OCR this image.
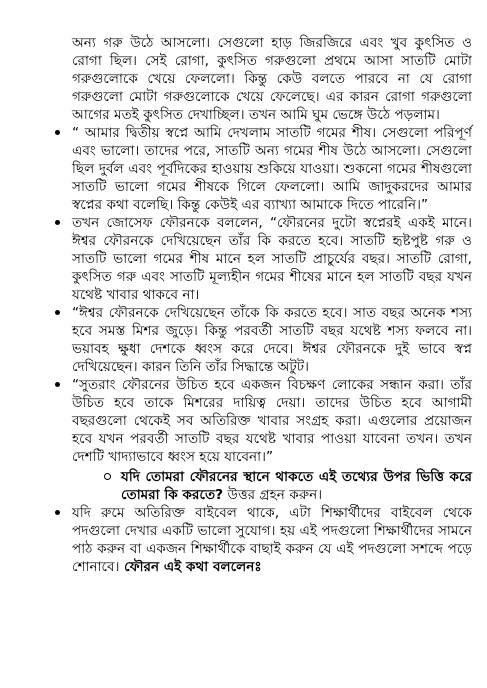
অন্য গরু উঠে আসলো। সেগুলো হাড় জিরজিরে এবং খুব কুৎসিত ও রোগা ছিল। সেই রোগা, কুৎসিত গরুগুলো প্রথমে আসা সাতটি মোটা গরুগুলোকে খেয়ে ফেললো। কিন্তু কেউ বলতে পারবে না যে রোগা গরুগুলো মোটা গরুগুলোকে খেয়ে ফেলেছে। এর কারন রোগা গরুগুলো আগের মতই কুৎসিত দেখাচ্ছিল। তখন আমি ঘুম ভেঙ্গে উঠে পড়লাম।

“ আমার দ্বিতীয় স্বপ্নে আমি দেখলাম সাতটি গমের শীষ। সেগুলো পরিপূর্ণ এবং ভালো। তাদের পরে, সাতটি অন্য গমের শীষ উঠে আসলো। সেগুলো ছিল দুর্বল এবং পূর্বদিকের হাওয়ায় শুকিয়ে যাওয়া। শুকনো গমের শীষগুলো সাতটি ভালো গমের শীষকে গিলে ফেললো। আমি জাদুকরদের আমার স্বপ্নের কথা বলেছি। কিন্তু কেউই এর ব্যাখ্যা আমাকে দিতে পারেনি।”

তখন জোসেফ ফৌরনকে বললেন, “ফৌরনের দুটো স্বপ্নেরই একই মানে। ঈশ্বর ফৌরনকে দেখিয়েছেন তাঁর কি করতে হবে। সাতটি হৃষ্টপুষ্ট গরু ও সাতটি ভালো গমের শীষ মানে হল সাতটি প্রাচুর্যের বছর। সাতটি রোগা, কুৎসিত গরু এবং সাতটি মূল্যহীন গমের শীষের মানে হল সাতটি বছর যখন যথেষ্ট খাবার থাকবে না।

“ঈশ্বর ফৌরনকে দেখিয়েছেন তাঁকে কি করতে হবে। সাত বছর অনেক শস্য হবে সমস্ত মিশর জুড়ে। কিন্তু পরবর্তী সাতটি বছর যথেষ্ট শস্য ফলবে না। ভয়াবহ ক্ষুধা দেশকে ধ্বংস করে দেবে। ঈশ্বর ফৌরনকে দুই ভাবে স্বপ্ন দেখিয়েছেন। কারন তিনি তাঁর সিদ্ধান্তে অটুট।

“সুতরাং ফৌরনের উচিত হবে একজন বিচক্ষণ লোকের সন্ধান করা। তাঁর উচিত হবে তাকে মিশরের দায়িত্ব দেয়া। তাদের উচিত হবে আগামী বছরগুলো থেকেই সব অতিরিক্ত খাবার সংগ্রহ করা। এগুলোর প্রয়োজন হবে যখন পরবর্তী সাতটি বছর যথেষ্ট খাবার পাওয়া যাবেনা তখন। তখন দেশটি খাদ্যাভাবে ধ্বংস হয়ে যাবেনা।”

যদি তোমরা ফৌরনের স্থানে থাকতে এই তথ্যের উপর ভিত্তি করে তোমরা কি করতে? উত্তর গ্রহন করুন।

যদি রুমে অতিরিক্ত বাইবেল থাকে, এটা শিক্ষার্থীদের বাইবেল থেকে পদগুলো দেখার একটি ভালো সুযোগ। হয় এই পদগুলো শিক্ষার্থীদের সামনে পাঠ করুন বা একজন শিক্ষার্থীকে বাছাই করুন যে এই পদগুলো সশব্দে পড়ে শোনাবে। ফৌরন এই কথা বললেনঃ
